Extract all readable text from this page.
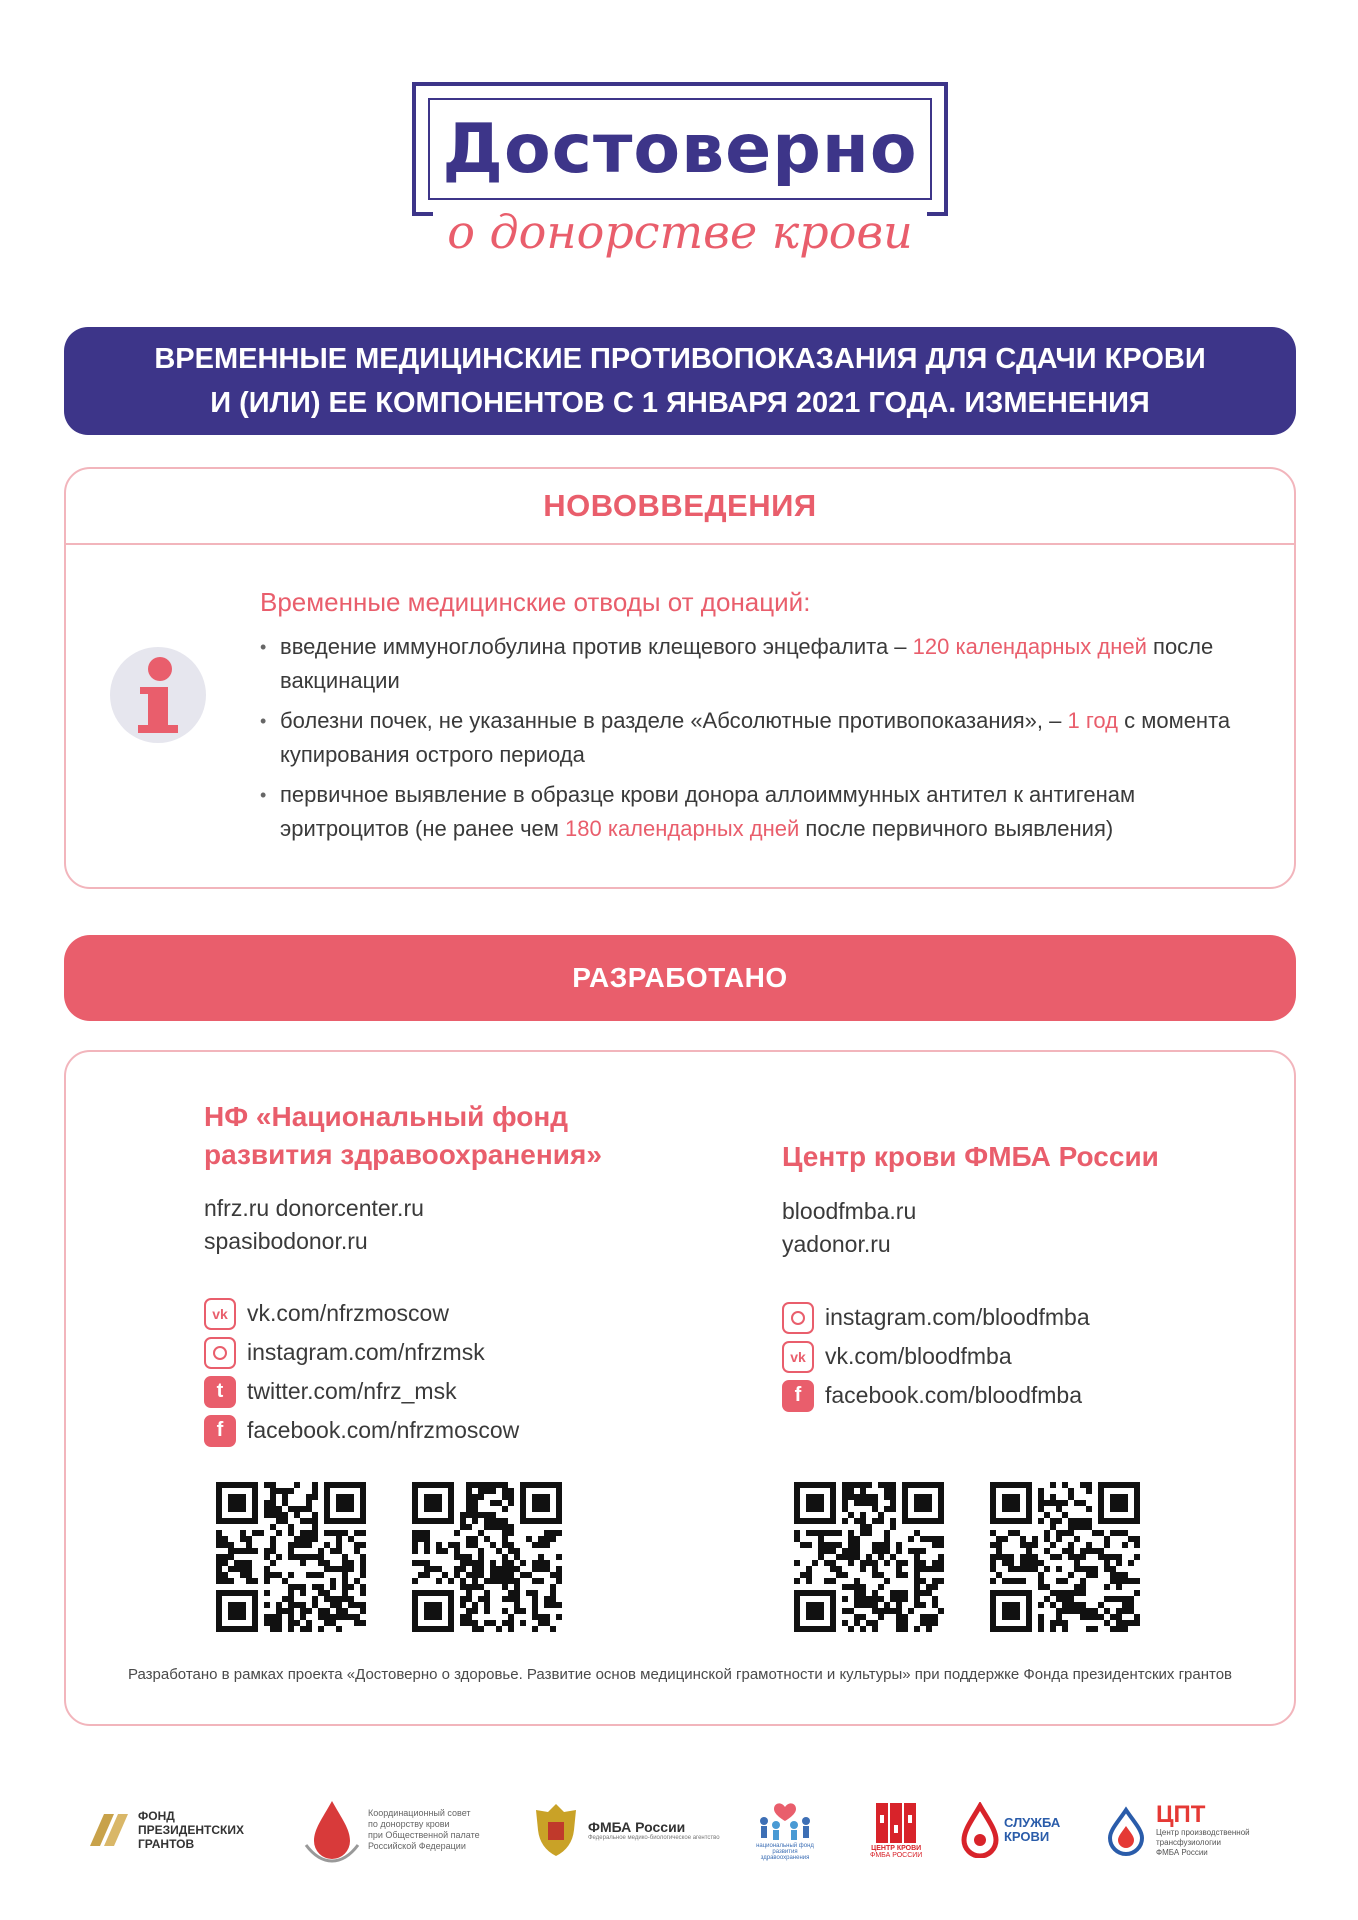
Достоверно
о донорстве крови
ВРЕМЕННЫЕ МЕДИЦИНСКИЕ ПРОТИВОПОКАЗАНИЯ ДЛЯ СДАЧИ КРОВИ
И (ИЛИ) ЕЕ КОМПОНЕНТОВ С 1 ЯНВАРЯ 2021 ГОДА. ИЗМЕНЕНИЯ
НОВОВВЕДЕНИЯ
Временные медицинские отводы от донаций:
• введение иммуноглобулина против клещевого энцефалита – 120 календарных дней после вакцинации
• болезни почек, не указанные в разделе «Абсолютные противопоказания», – 1 год с момента купирования острого периода
• первичное выявление в образце крови донора аллоиммунных антител к антигенам эритроцитов (не ранее чем 180 календарных дней после первичного выявления)
РАЗРАБОТАНО
НФ «Национальный фонд
развития здравоохранения»
nfrz.ru donorcenter.ru
spasibodonor.ru
vk vk.com/nfrzmoscow
instagram.com/nfrzmsk
t	twitter.com/nfrz_msk
f	facebook.com/nfrzmoscow
Центр крови ФМБА России
bloodfmba.ru
yadonor.ru
instagram.com/bloodfmba
vk vk.com/bloodfmba
f	facebook.com/bloodfmba
Разработано в рамках проекта «Достоверно о здоровье. Развитие основ медицинской грамотности и культуры» при поддержке Фонда президентских грантов
ФОНД
ПРЕЗИДЕНТСКИХ
ГРАНТОВ
Координационный совет
по донорству крови
при Общественной палате
Российской Федерации
ФМБА России
Федеральное медико-биологическое агентство
национальный фонд развития здравоохранения
ЦЕНТР КРОВИ
ФМБА РОССИИ
СЛУЖБА
КРОВИ
ЦПТ
Центр производственной
трансфузиологии
ФМБА России
